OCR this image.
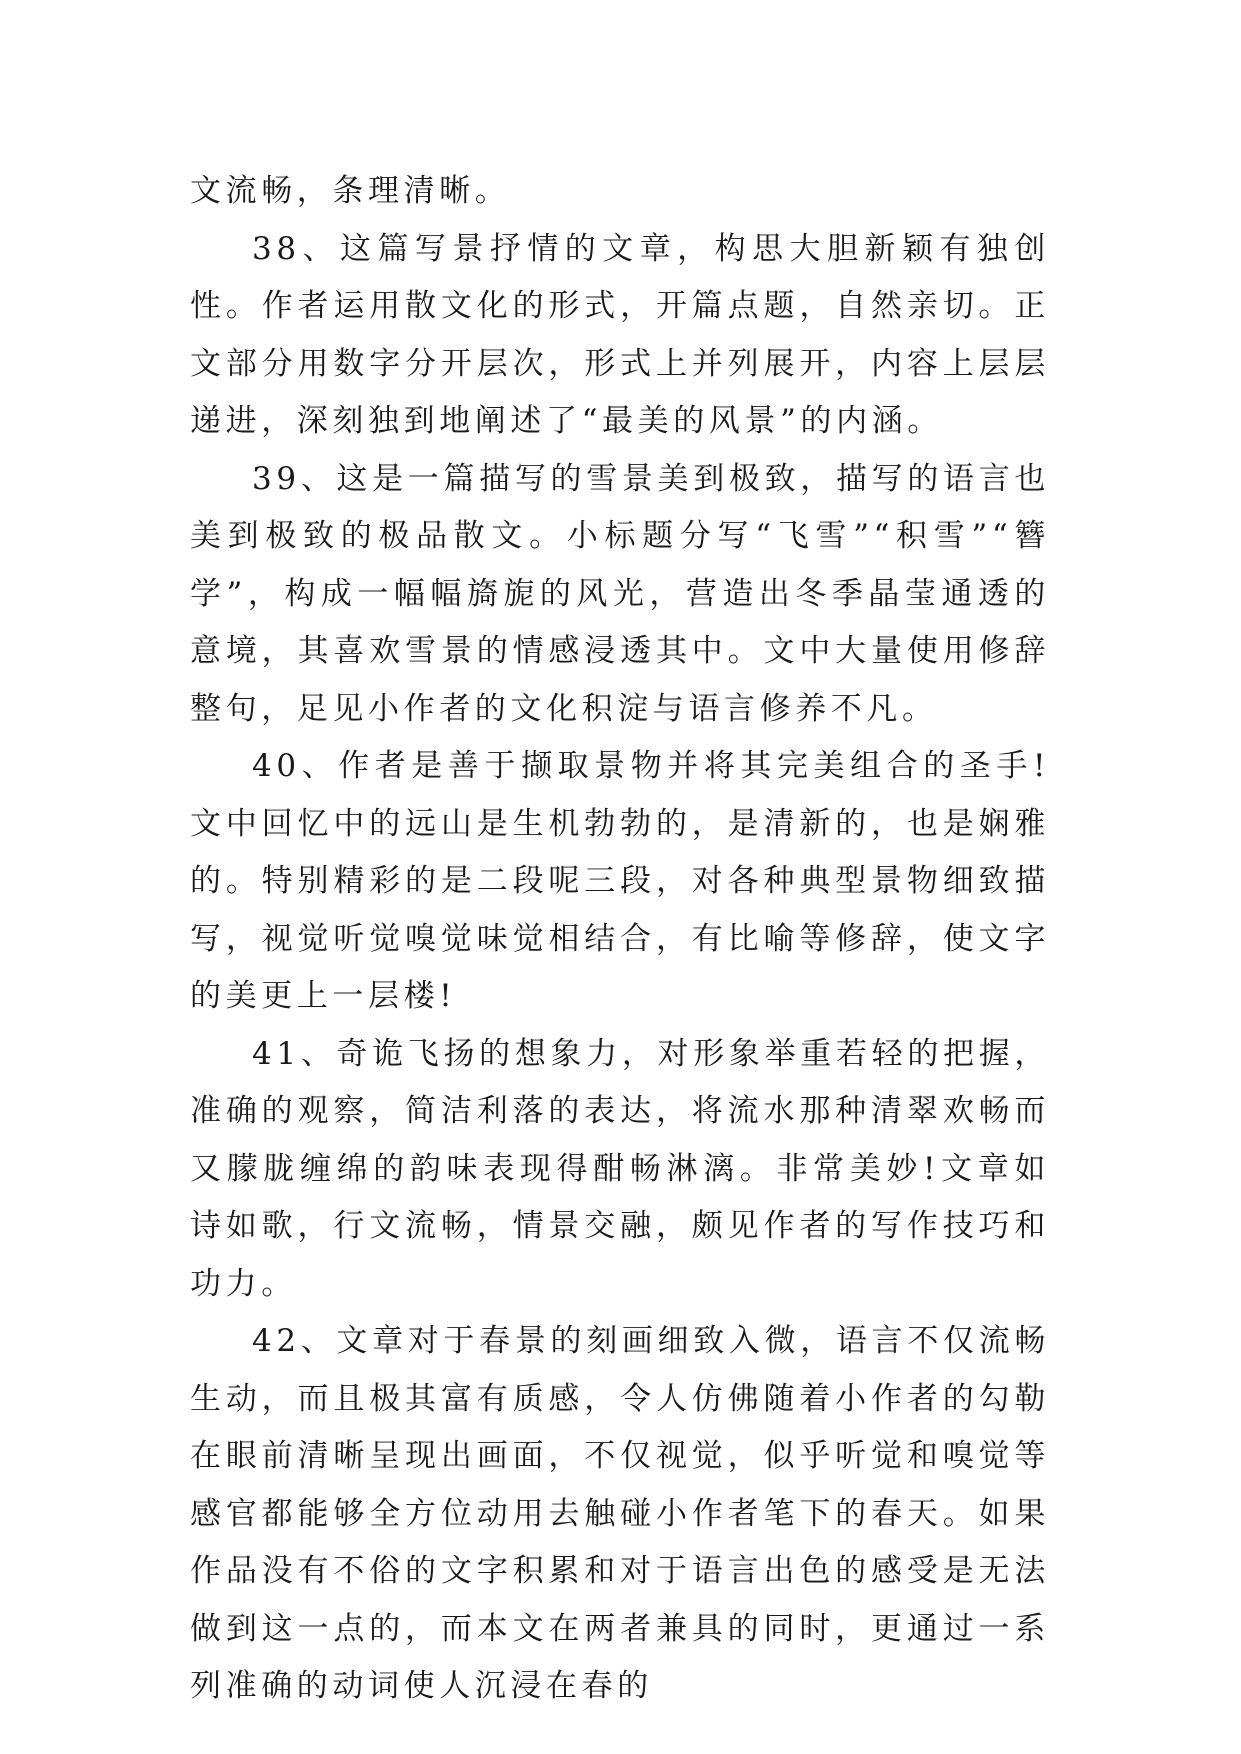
文流畅，条理清晰。

38、这篇写景抒情的文章，构思大胆新颖有独创性。作者运用散文化的形式，开篇点题，自然亲切。正文部分用数字分开层次，形式上并列展开，内容上层层递进，深刻独到地阐述了“最美的风景”的内涵。

39、这是一篇描写的雪景美到极致，描写的语言也美到极致的极品散文。小标题分写“飞雪”“积雪”“簪学”，构成一幅幅旖旎的风光，营造出冬季晶莹通透的意境，其喜欢雪景的情感浸透其中。文中大量使用修辞整句，足见小作者的文化积淀与语言修养不凡。

40、作者是善于撷取景物并将其完美组合的圣手!文中回忆中的远山是生机勃勃的，是清新的，也是娴雅的。特别精彩的是二段呢三段，对各种典型景物细致描写，视觉听觉嗅觉味觉相结合，有比喻等修辞，使文字的美更上一层楼!

41、奇诡飞扬的想象力，对形象举重若轻的把握，准确的观察，简洁利落的表达，将流水那种清翠欢畅而又朦胧缠绵的韵味表现得酣畅淋漓。非常美妙!文章如诗如歌，行文流畅，情景交融，颇见作者的写作技巧和功力。

42、文章对于春景的刻画细致入微，语言不仅流畅生动，而且极其富有质感，令人仿佛随着小作者的勾勒在眼前清晰呈现出画面，不仅视觉，似乎听觉和嗅觉等感官都能够全方位动用去触碰小作者笔下的春天。如果作品没有不俗的文字积累和对于语言出色的感受是无法做到这一点的，而本文在两者兼具的同时，更通过一系列准确的动词使人沉浸在春的
